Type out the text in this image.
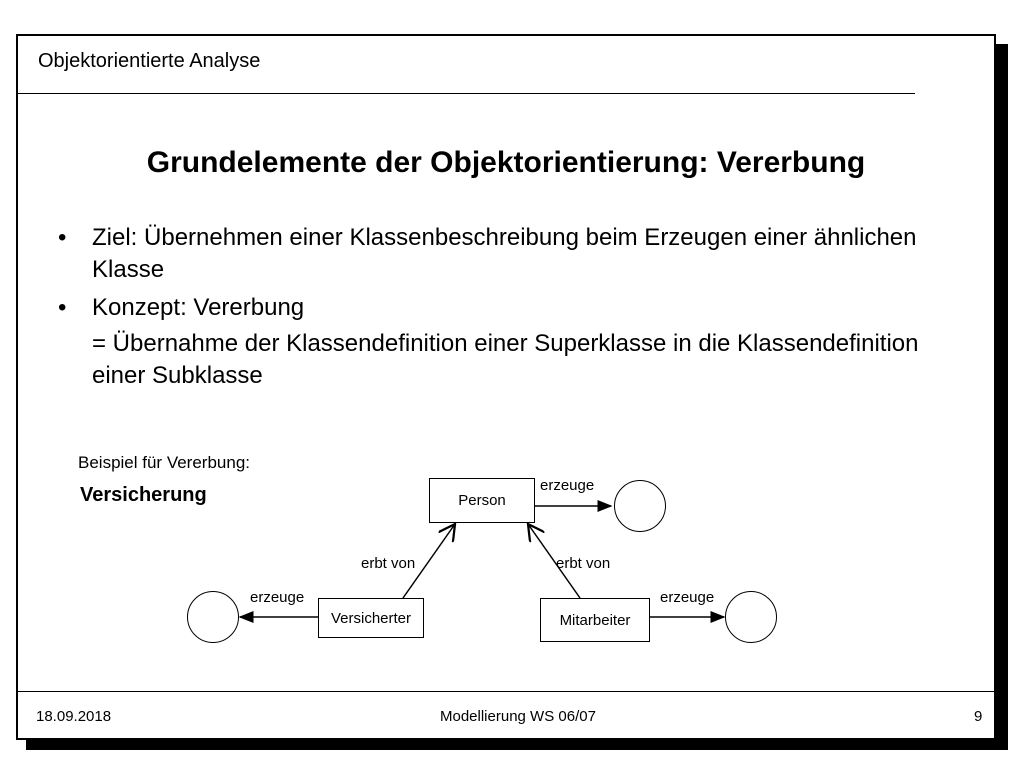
Objektorientierte Analyse
Grundelemente der Objektorientierung: Vererbung
• Ziel: Übernehmen einer Klassenbeschreibung beim Erzeugen einer ähnlichen Klasse
• Konzept: Vererbung
= Übernahme der Klassendefinition einer Superklasse in die Klassendefinition einer Subklasse
Beispiel für Vererbung:
Versicherung	Person
Versicherter	Mitarbeiter
erzeuge
erzeuge	erzeuge
erbt von	erbt von
18.09.2018	Modellierung WS 06/07	9
